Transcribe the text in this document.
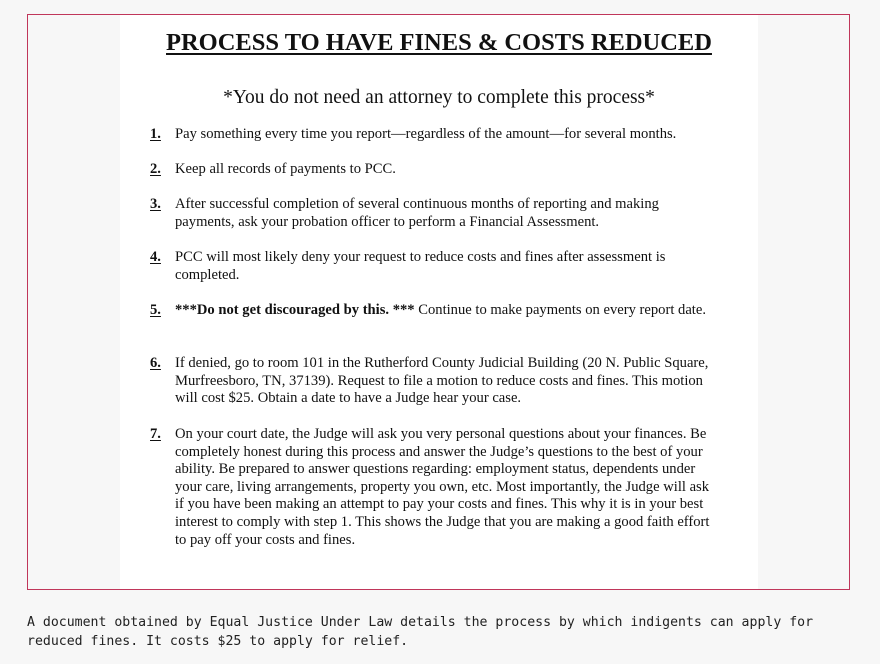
PROCESS TO HAVE FINES & COSTS REDUCED
*You do not need an attorney to complete this process*
1. Pay something every time you report—regardless of the amount—for several months.
2. Keep all records of payments to PCC.
3. After successful completion of several continuous months of reporting and making payments, ask your probation officer to perform a Financial Assessment.
4. PCC will most likely deny your request to reduce costs and fines after assessment is completed.
5. ***Do not get discouraged by this. *** Continue to make payments on every report date.
6. If denied, go to room 101 in the Rutherford County Judicial Building (20 N. Public Square, Murfreesboro, TN, 37139). Request to file a motion to reduce costs and fines. This motion will cost $25. Obtain a date to have a Judge hear your case.
7. On your court date, the Judge will ask you very personal questions about your finances. Be completely honest during this process and answer the Judge’s questions to the best of your ability. Be prepared to answer questions regarding: employment status, dependents under your care, living arrangements, property you own, etc. Most importantly, the Judge will ask if you have been making an attempt to pay your costs and fines. This why it is in your best interest to comply with step 1. This shows the Judge that you are making a good faith effort to pay off your costs and fines.
A document obtained by Equal Justice Under Law details the process by which indigents can apply for reduced fines. It costs $25 to apply for relief.
